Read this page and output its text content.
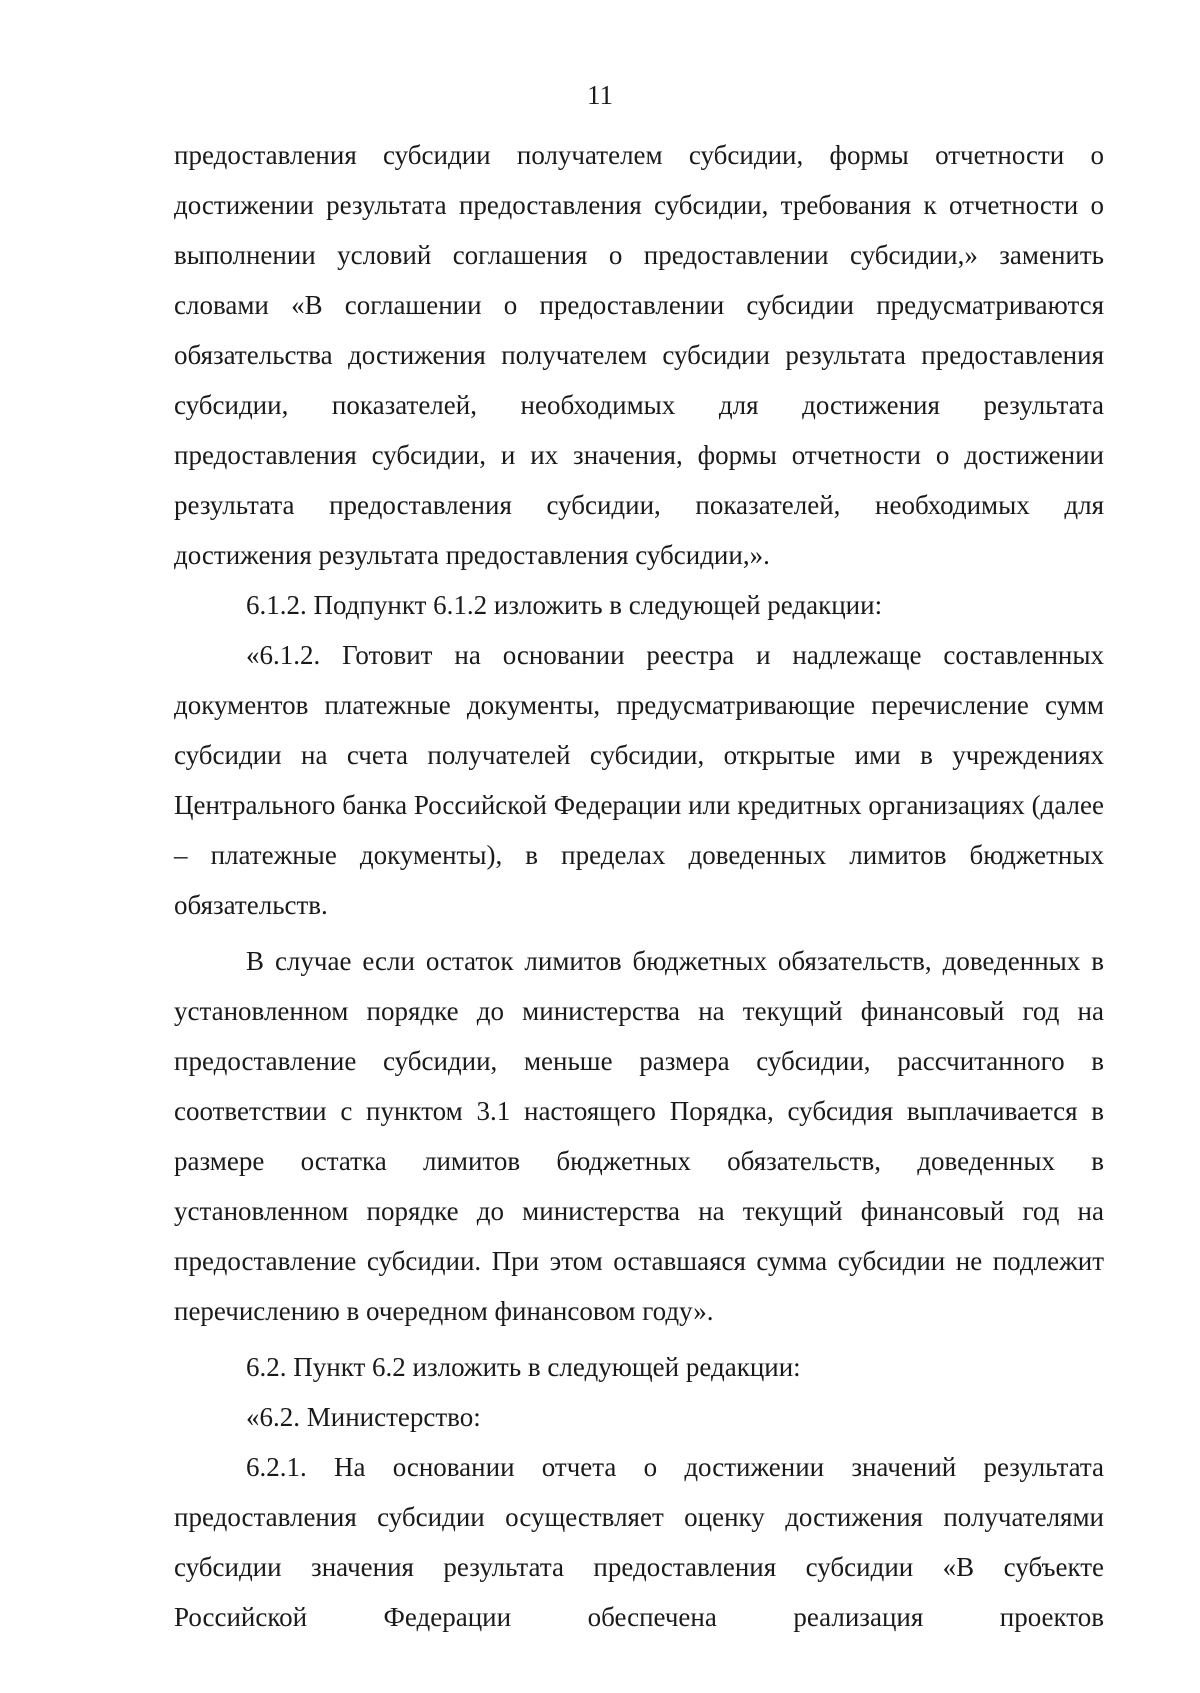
11

предоставления субсидии получателем субсидии, формы отчетности о достижении результата предоставления субсидии, требования к отчетности о выполнении условий соглашения о предоставлении субсидии,» заменить словами «В соглашении о предоставлении субсидии предусматриваются обязательства достижения получателем субсидии результата предоставления субсидии, показателей, необходимых для достижения результата предоставления субсидии, и их значения, формы отчетности о достижении результата предоставления субсидии, показателей, необходимых для достижения результата предоставления субсидии,».

6.1.2. Подпункт 6.1.2 изложить в следующей редакции:

«6.1.2. Готовит на основании реестра и надлежаще составленных документов платежные документы, предусматривающие перечисление сумм субсидии на счета получателей субсидии, открытые ими в учреждениях Центрального банка Российской Федерации или кредитных организациях (далее – платежные документы), в пределах доведенных лимитов бюджетных обязательств.

В случае если остаток лимитов бюджетных обязательств, доведенных в установленном порядке до министерства на текущий финансовый год на предоставление субсидии, меньше размера субсидии, рассчитанного в соответствии с пунктом 3.1 настоящего Порядка, субсидия выплачивается в размере остатка лимитов бюджетных обязательств, доведенных в установленном порядке до министерства на текущий финансовый год на предоставление субсидии. При этом оставшаяся сумма субсидии не подлежит перечислению в очередном финансовом году».

6.2. Пункт 6.2 изложить в следующей редакции:

«6.2. Министерство:

6.2.1. На основании отчета о достижении значений результата предоставления субсидии осуществляет оценку достижения получателями субсидии значения результата предоставления субсидии «В субъекте Российской Федерации обеспечена реализация проектов
